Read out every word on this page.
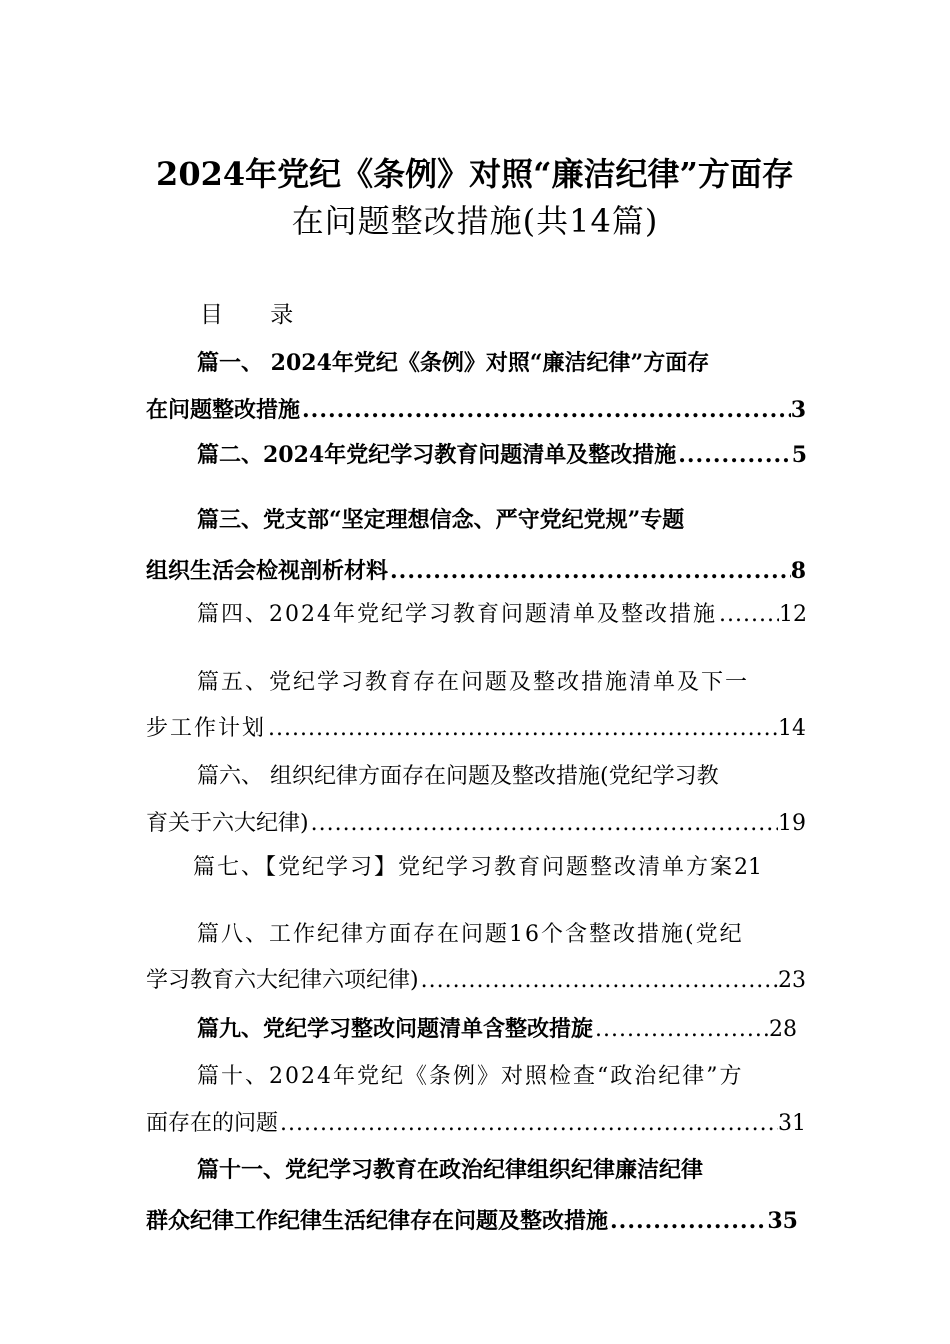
2024年党纪《条例》对照“廉洁纪律”方面存
在问题整改措施(共14篇)
目 录
篇一、 2024年党纪《条例》对照“廉洁纪律”方面存
在问题整改措施 .....	3
篇二、2024年党纪学习教育问题清单及整改措施 .....	5
篇三、党支部“坚定理想信念、严守党纪党规”专题
组织生活会检视剖析材料 .....	8
篇四、2024年党纪学习教育问题清单及整改措施 .....	12
篇五、党纪学习教育存在问题及整改措施清单及下一
步工作计划 .....	14
篇六、 组织纪律方面存在问题及整改措施(党纪学习教
育关于六大纪律) .....	19
篇七、【党纪学习】党纪学习教育问题整改清单方案 21
篇八、工作纪律方面存在问题16个含整改措施(党纪
学习教育六大纪律六项纪律) .....	23
篇九、党纪学习整改问题清单含整改措旋 .....	28
篇十、2024年党纪《条例》对照检查“政治纪律”方
面存在的问题 .....	31
篇十一、党纪学习教育在政治纪律组织纪律廉洁纪律
群众纪律工作纪律生活纪律存在问题及整改措施 .....	35
